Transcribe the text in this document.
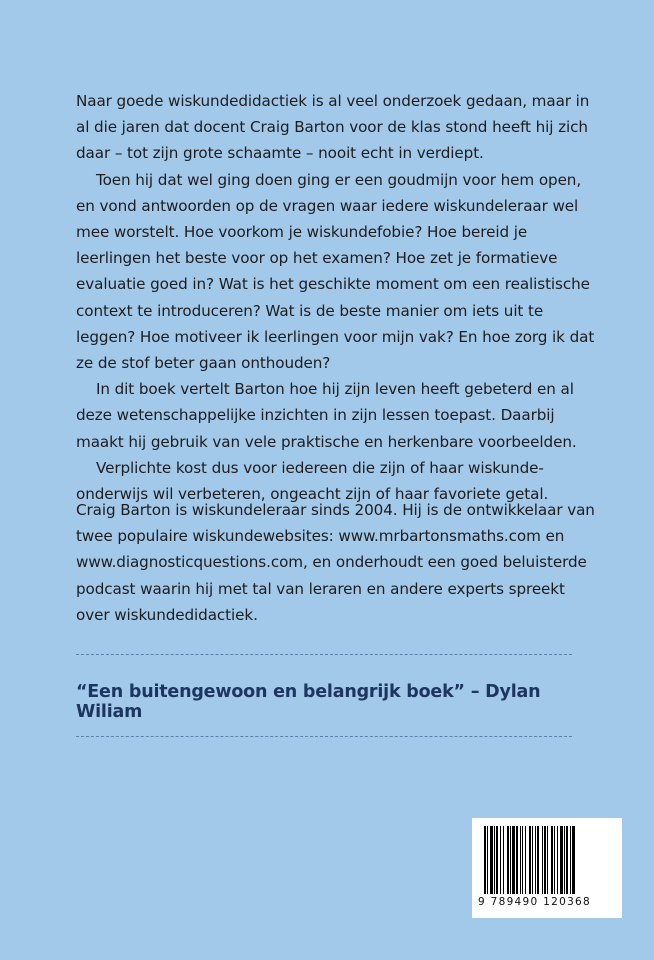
Naar goede wiskundedidactiek is al veel onderzoek gedaan, maar in al die jaren dat docent Craig Barton voor de klas stond heeft hij zich daar – tot zijn grote schaamte – nooit echt in verdiept.

Toen hij dat wel ging doen ging er een goudmijn voor hem open, en vond antwoorden op de vragen waar iedere wiskundeleraar wel mee worstelt. Hoe voorkom je wiskundefobie? Hoe bereid je leerlingen het beste voor op het examen? Hoe zet je formatieve evaluatie goed in? Wat is het geschikte moment om een realistische context te introduceren? Wat is de beste manier om iets uit te leggen? Hoe motiveer ik leerlingen voor mijn vak? En hoe zorg ik dat ze de stof beter gaan onthouden?

In dit boek vertelt Barton hoe hij zijn leven heeft gebeterd en al deze wetenschappelijke inzichten in zijn lessen toepast. Daarbij maakt hij gebruik van vele praktische en herkenbare voorbeelden.

Verplichte kost dus voor iedereen die zijn of haar wiskunde-onderwijs wil verbeteren, ongeacht zijn of haar favoriete getal.

Craig Barton is wiskundeleraar sinds 2004. Hij is de ontwikkelaar van twee populaire wiskundewebsites: www.mrbartonsmaths.com en www.diagnosticquestions.com, en onderhoudt een goed beluisterde podcast waarin hij met tal van leraren en andere experts spreekt over wiskundedidactiek.

“Een buitengewoon en belangrijk boek” – Dylan Wiliam
9 789490 120368
